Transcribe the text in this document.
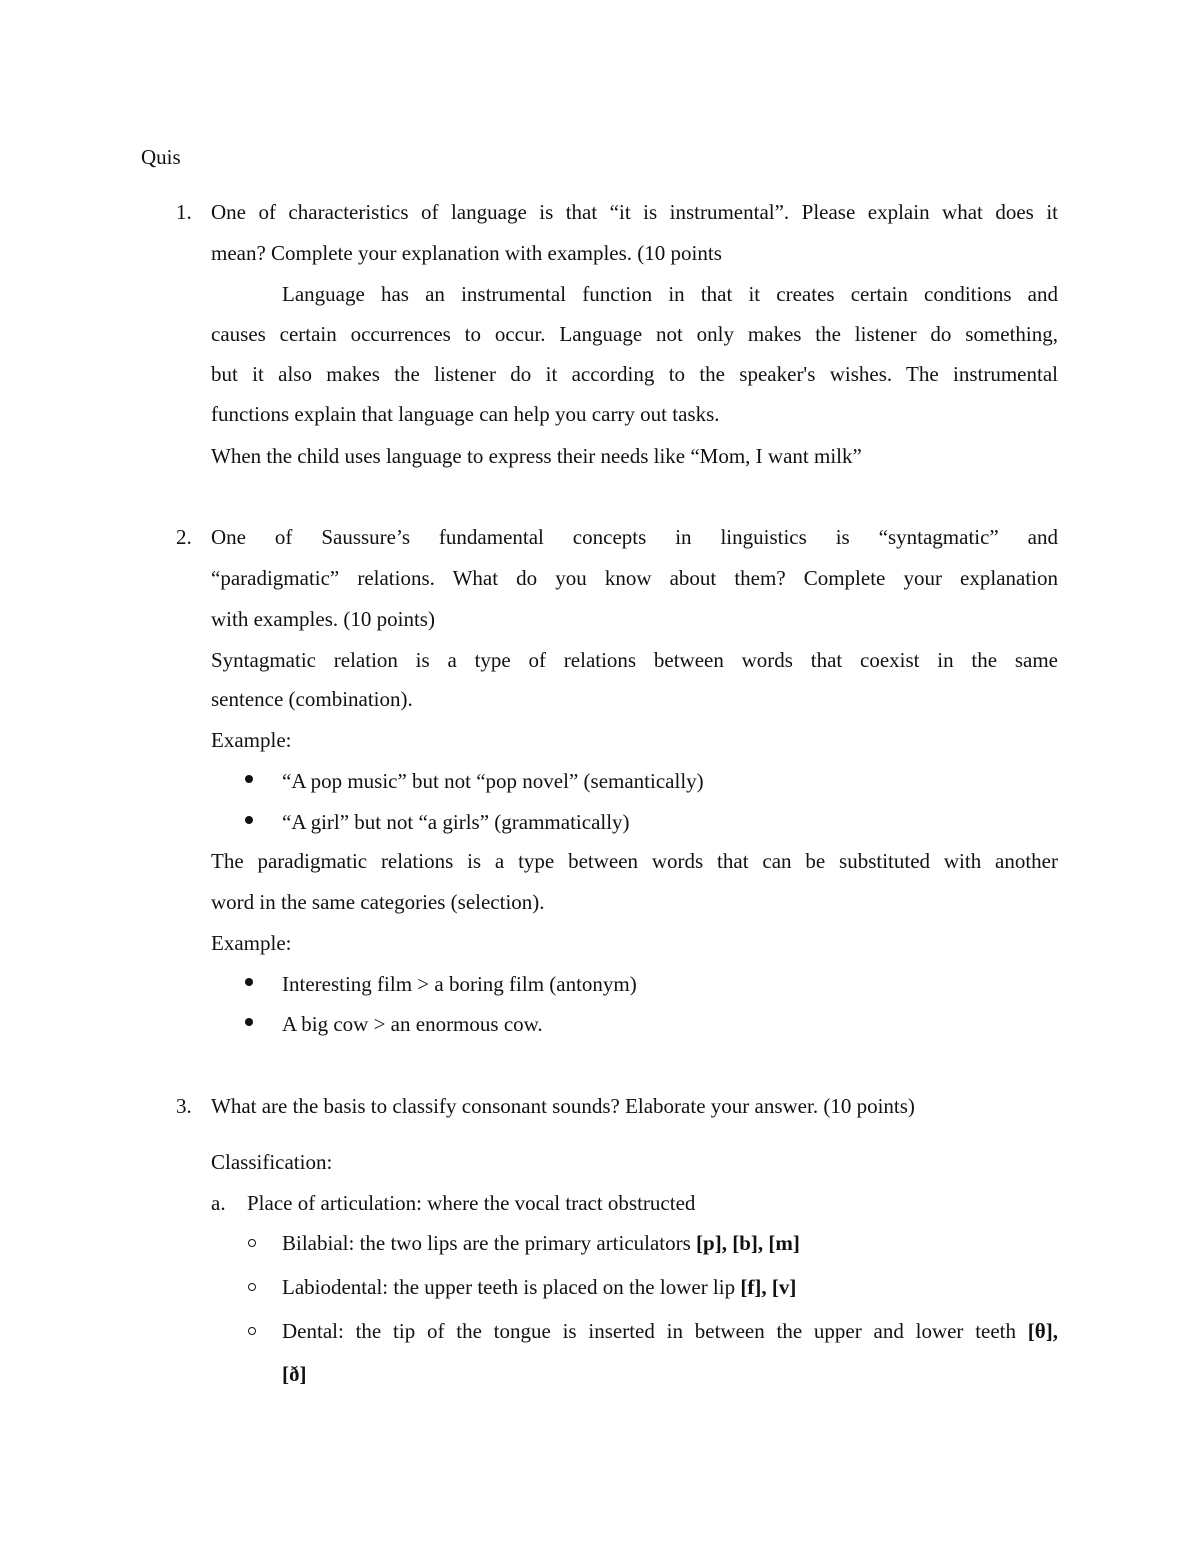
Quis
1. One of characteristics of language is that “it is instrumental”. Please explain what does it
mean? Complete your explanation with examples. (10 points
Language has an instrumental function in that it creates certain conditions and
causes certain occurrences to occur. Language not only makes the listener do something,
but it also makes the listener do it according to the speaker's wishes. The instrumental
functions explain that language can help you carry out tasks.
When the child uses language to express their needs like “Mom, I want milk”
2. One of Saussure’s fundamental concepts in linguistics is “syntagmatic” and
“paradigmatic” relations. What do you know about them? Complete your explanation
with examples. (10 points)
Syntagmatic relation is a type of relations between words that coexist in the same
sentence (combination).
Example:
“A pop music” but not “pop novel” (semantically)
“A girl” but not “a girls” (grammatically)
The paradigmatic relations is a type between words that can be substituted with another
word in the same categories (selection).
Example:
Interesting film > a boring film (antonym)
A big cow > an enormous cow.
3. What are the basis to classify consonant sounds? Elaborate your answer. (10 points)
Classification:
a. Place of articulation: where the vocal tract obstructed
Bilabial: the two lips are the primary articulators [p], [b], [m]
Labiodental: the upper teeth is placed on the lower lip [f], [v]
Dental: the tip of the tongue is inserted in between the upper and lower teeth [θ],
[ð]
